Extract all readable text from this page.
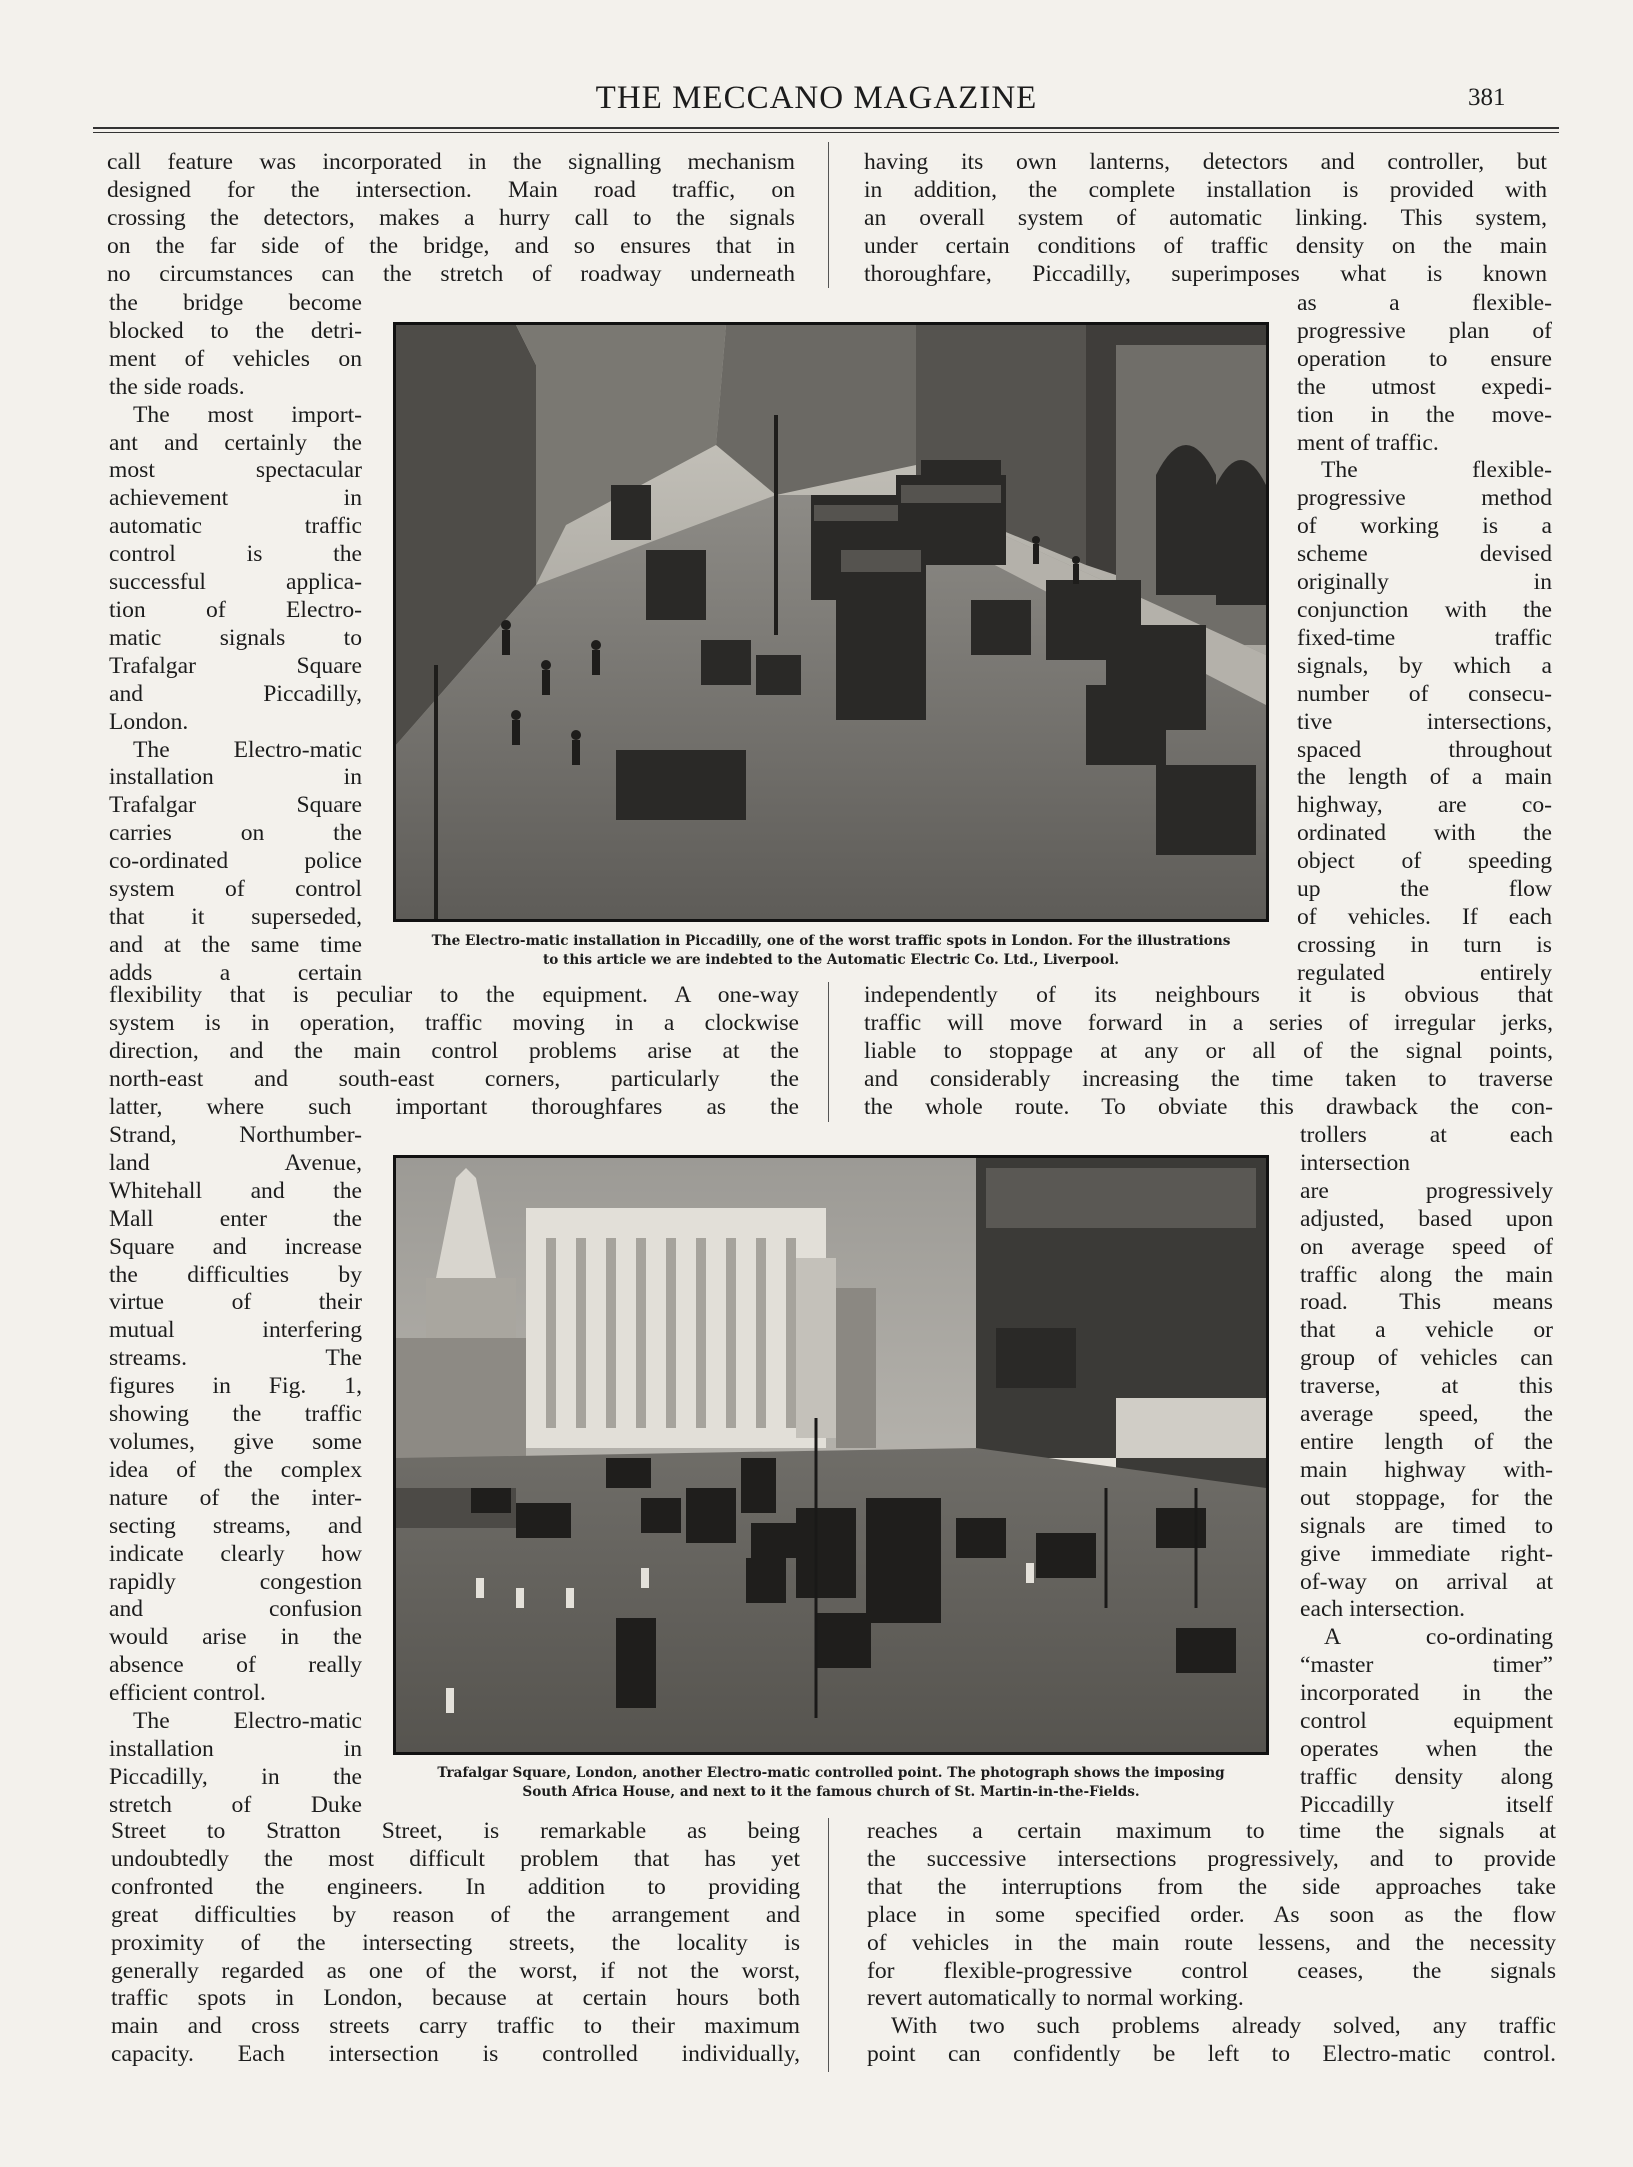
THE MECCANO MAGAZINE	381
call feature was incorporated in the signalling mechanism
designed for the intersection. Main road traffic, on
crossing the detectors, makes a hurry call to the signals
on the far side of the bridge, and so ensures that in
no circumstances can the stretch of roadway underneath
having its own lanterns, detectors and controller, but
in addition, the complete installation is provided with
an overall system of automatic linking. This system,
under certain conditions of traffic density on the main
thoroughfare, Piccadilly, superimposes what is known
the bridge become
blocked to the detri-
ment of vehicles on
the side roads.
The most import-
ant and certainly the
most spectacular
achievement in
automatic traffic
control is the
successful applica-
tion of Electro-
matic signals to
Trafalgar Square
and Piccadilly,
London.
The Electro-matic
installation in
Trafalgar Square
carries on the
co-ordinated police
system of control
that it superseded,
and at the same time
adds a certain
as a flexible-
progressive plan of
operation to ensure
the utmost expedi-
tion in the move-
ment of traffic.
The flexible-
progressive method
of working is a
scheme devised
originally in
conjunction with the
fixed-time traffic
signals, by which a
number of consecu-
tive intersections,
spaced throughout
the length of a main
highway, are co-
ordinated with the
object of speeding
up the flow
of vehicles. If each
crossing in turn is
regulated entirely
flexibility that is peculiar to the equipment. A one-way
system is in operation, traffic moving in a clockwise
direction, and the main control problems arise at the
north-east and south-east corners, particularly the
latter, where such important thoroughfares as the
independently of its neighbours it is obvious that
traffic will move forward in a series of irregular jerks,
liable to stoppage at any or all of the signal points,
and considerably increasing the time taken to traverse
the whole route. To obviate this drawback the con-
Strand, Northumber-
land Avenue,
Whitehall and the
Mall enter the
Square and increase
the difficulties by
virtue of their
mutual interfering
streams. The
figures in Fig. 1,
showing the traffic
volumes, give some
idea of the complex
nature of the inter-
secting streams, and
indicate clearly how
rapidly congestion
and confusion
would arise in the
absence of really
efficient control.
The Electro-matic
installation in
Piccadilly, in the
stretch of Duke
trollers at each
intersection
are progressively
adjusted, based upon
on average speed of
traffic along the main
road. This means
that a vehicle or
group of vehicles can
traverse, at this
average speed, the
entire length of the
main highway with-
out stoppage, for the
signals are timed to
give immediate right-
of-way on arrival at
each intersection.
A co-ordinating
“master timer”
incorporated in the
control equipment
operates when the
traffic density along
Piccadilly itself
Street to Stratton Street, is remarkable as being
undoubtedly the most difficult problem that has yet
confronted the engineers. In addition to providing
great difficulties by reason of the arrangement and
proximity of the intersecting streets, the locality is
generally regarded as one of the worst, if not the worst,
traffic spots in London, because at certain hours both
main and cross streets carry traffic to their maximum
capacity. Each intersection is controlled individually,
reaches a certain maximum to time the signals at
the successive intersections progressively, and to provide
that the interruptions from the side approaches take
place in some specified order. As soon as the flow
of vehicles in the main route lessens, and the necessity
for flexible-progressive control ceases, the signals
revert automatically to normal working.
With two such problems already solved, any traffic
point can confidently be left to Electro-matic control.
The Electro-matic installation in Piccadilly, one of the worst traffic spots in London. For the illustrations
to this article we are indebted to the Automatic Electric Co. Ltd., Liverpool.
Trafalgar Square, London, another Electro-matic controlled point. The photograph shows the imposing
South Africa House, and next to it the famous church of St. Martin-in-the-Fields.
